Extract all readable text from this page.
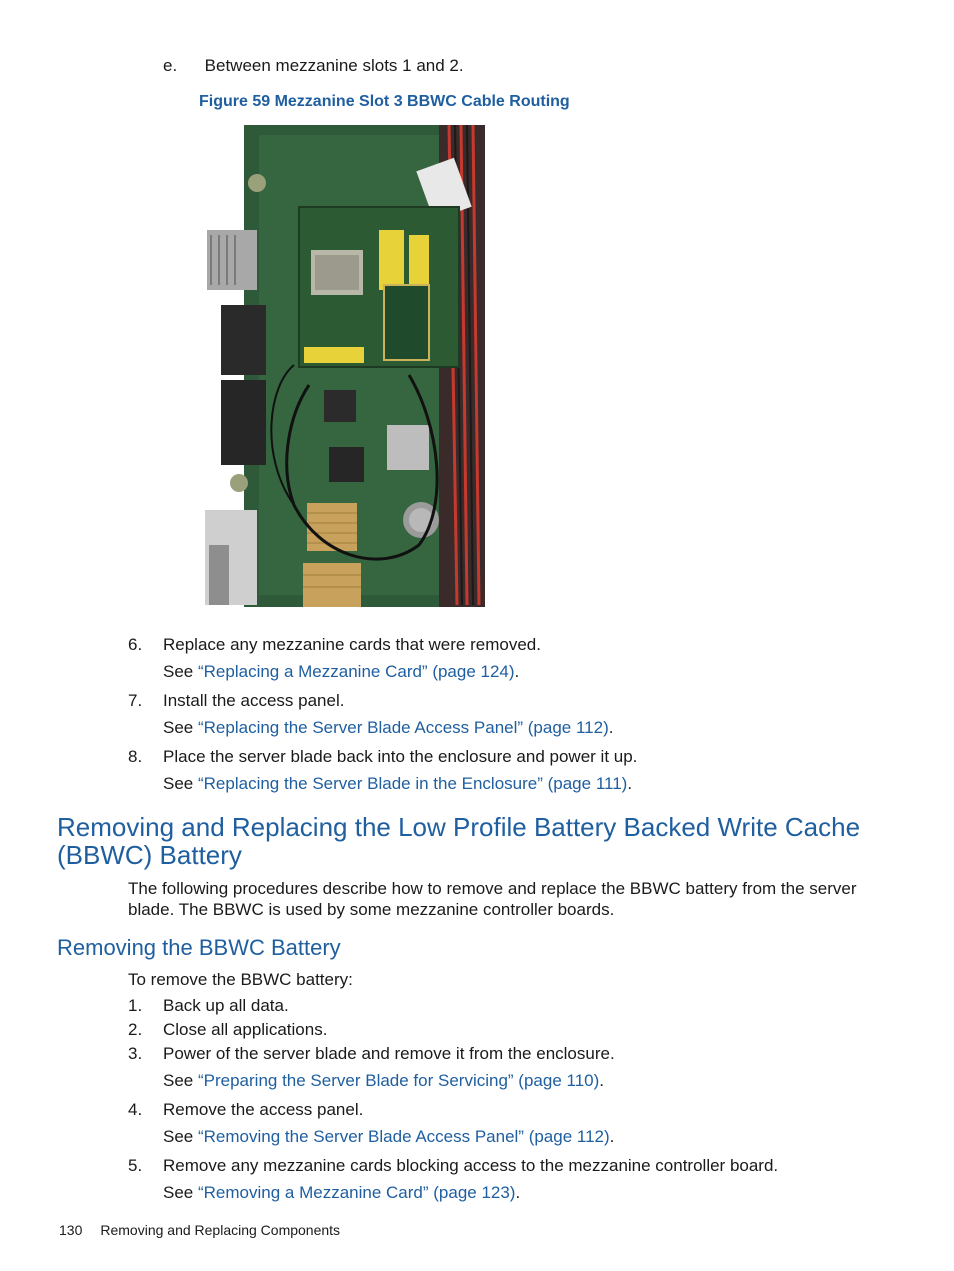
e. Between mezzanine slots 1 and 2.
Figure 59 Mezzanine Slot 3 BBWC Cable Routing
6. Replace any mezzanine cards that were removed.
See “Replacing a Mezzanine Card” (page 124).
7. Install the access panel.
See “Replacing the Server Blade Access Panel” (page 112).
8. Place the server blade back into the enclosure and power it up.
See “Replacing the Server Blade in the Enclosure” (page 111).
Removing and Replacing the Low Profile Battery Backed Write Cache (BBWC) Battery
The following procedures describe how to remove and replace the BBWC battery from the server blade. The BBWC is used by some mezzanine controller boards.
Removing the BBWC Battery
To remove the BBWC battery:
1. Back up all data.
2. Close all applications.
3. Power of the server blade and remove it from the enclosure.
See “Preparing the Server Blade for Servicing” (page 110).
4. Remove the access panel.
See “Removing the Server Blade Access Panel” (page 112).
5. Remove any mezzanine cards blocking access to the mezzanine controller board.
See “Removing a Mezzanine Card” (page 123).
130 Removing and Replacing Components
